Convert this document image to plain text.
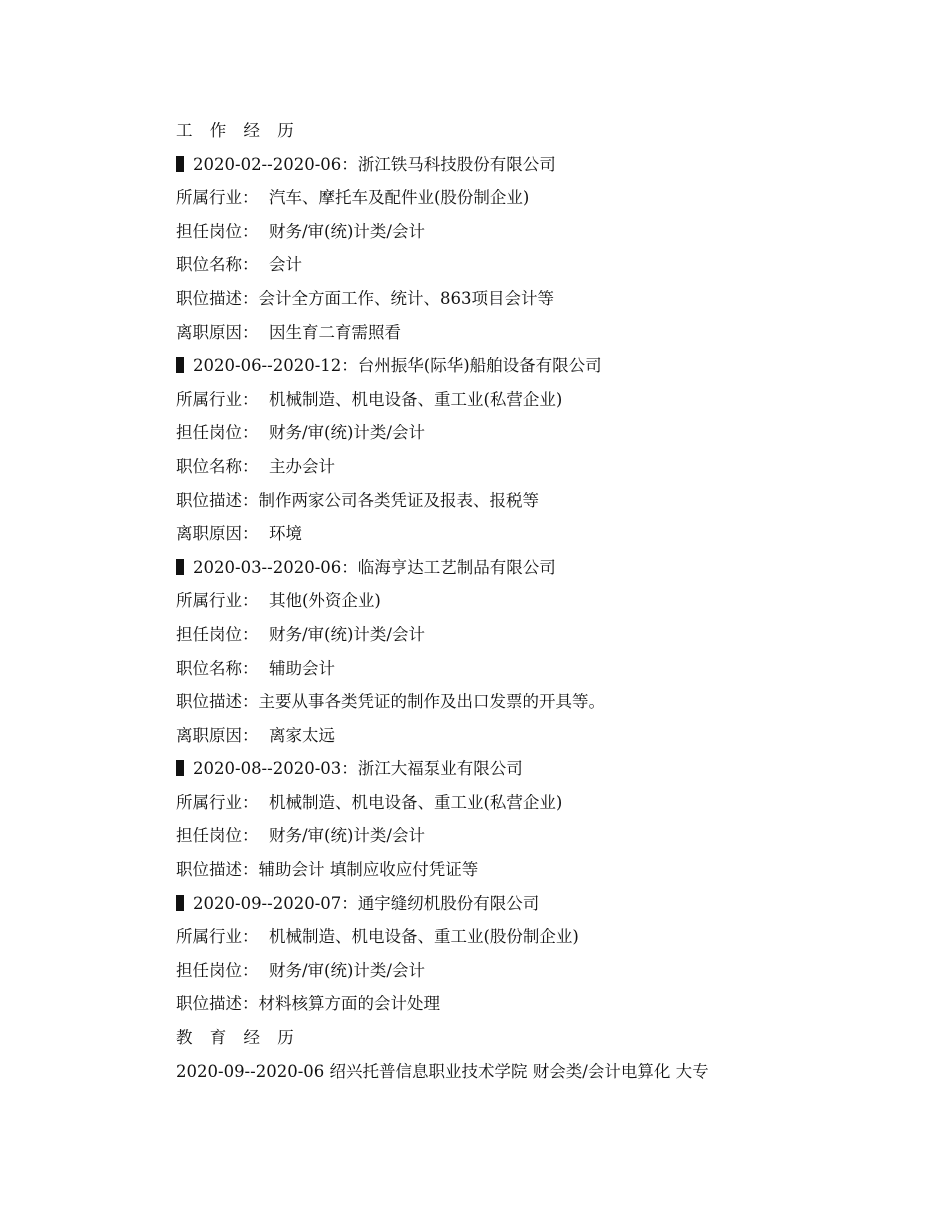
工 作 经 历
2020-02--2020-06：浙江铁马科技股份有限公司
所属行业：  汽车、摩托车及配件业(股份制企业)
担任岗位：  财务/审(统)计类/会计
职位名称：  会计
职位描述：会计全方面工作、统计、863项目会计等
离职原因：  因生育二育需照看
2020-06--2020-12：台州振华(际华)船舶设备有限公司
所属行业：  机械制造、机电设备、重工业(私营企业)
担任岗位：  财务/审(统)计类/会计
职位名称：  主办会计
职位描述：制作两家公司各类凭证及报表、报税等
离职原因：  环境
2020-03--2020-06：临海亨达工艺制品有限公司
所属行业：  其他(外资企业)
担任岗位：  财务/审(统)计类/会计
职位名称：  辅助会计
职位描述：主要从事各类凭证的制作及出口发票的开具等。
离职原因：  离家太远
2020-08--2020-03：浙江大福泵业有限公司
所属行业：  机械制造、机电设备、重工业(私营企业)
担任岗位：  财务/审(统)计类/会计
职位描述：辅助会计 填制应收应付凭证等
2020-09--2020-07：通宇缝纫机股份有限公司
所属行业：  机械制造、机电设备、重工业(股份制企业)
担任岗位：  财务/审(统)计类/会计
职位描述：材料核算方面的会计处理
教 育 经 历
2020-09--2020-06 绍兴托普信息职业技术学院 财会类/会计电算化 大专
